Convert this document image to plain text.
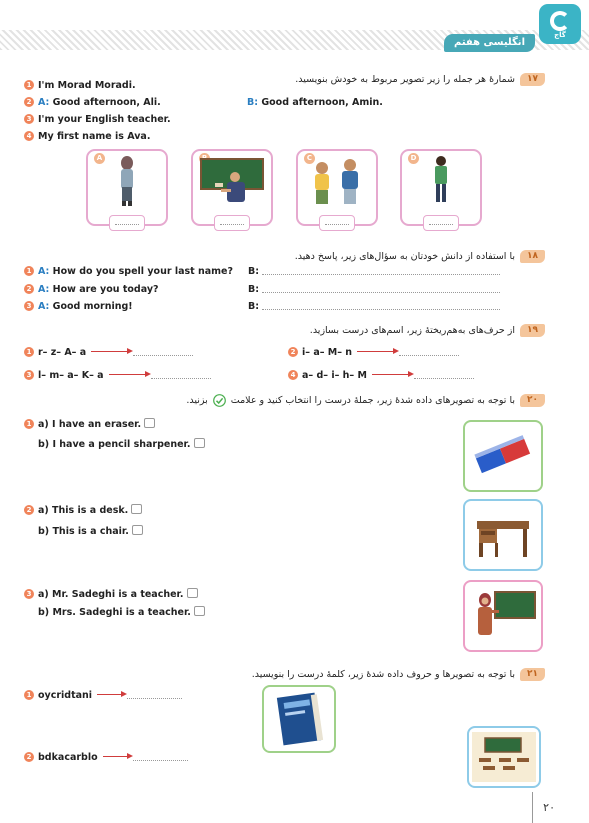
گاج
انگلیسی هفتم
۱۷
شمارهٔ هر جمله را زیر تصویر مربوط به خودش بنویسید.
1 I'm Morad Moradi.
2 A: Good afternoon, Ali.	B: Good afternoon, Amin.
3 I'm your English teacher.
4 My first name is Ava.
A	C	D
۱۸
با استفاده از دانش خودتان به سؤال‌های زیر، پاسخ دهید.
1 A: How do you spell your last name? B:
2 A: How are you today?	B:
3 A: Good morning!	B:
۱۹
از حرف‌های به‌هم‌ریختهٔ زیر، اسم‌های درست بسازید.
1 r– z– A– a	2 i– a– M– n
3 l– m– a– K– a	4 a– d– i– h– M
۲۰
با توجه به تصویرهای داده شدهٔ زیر، جملهٔ درست را انتخاب کنید و علامت
بزنید.
1 a) I have an eraser.
b) I have a pencil sharpener.
2 a) This is a desk.
b) This is a chair.
3 a) Mr. Sadeghi is a teacher.
b) Mrs. Sadeghi is a teacher.
۲۱
با توجه به تصویرها و حروف داده شدهٔ زیر، کلمهٔ درست را بنویسید.
1 oycridtani
2 bdkacarblo
۲۰
